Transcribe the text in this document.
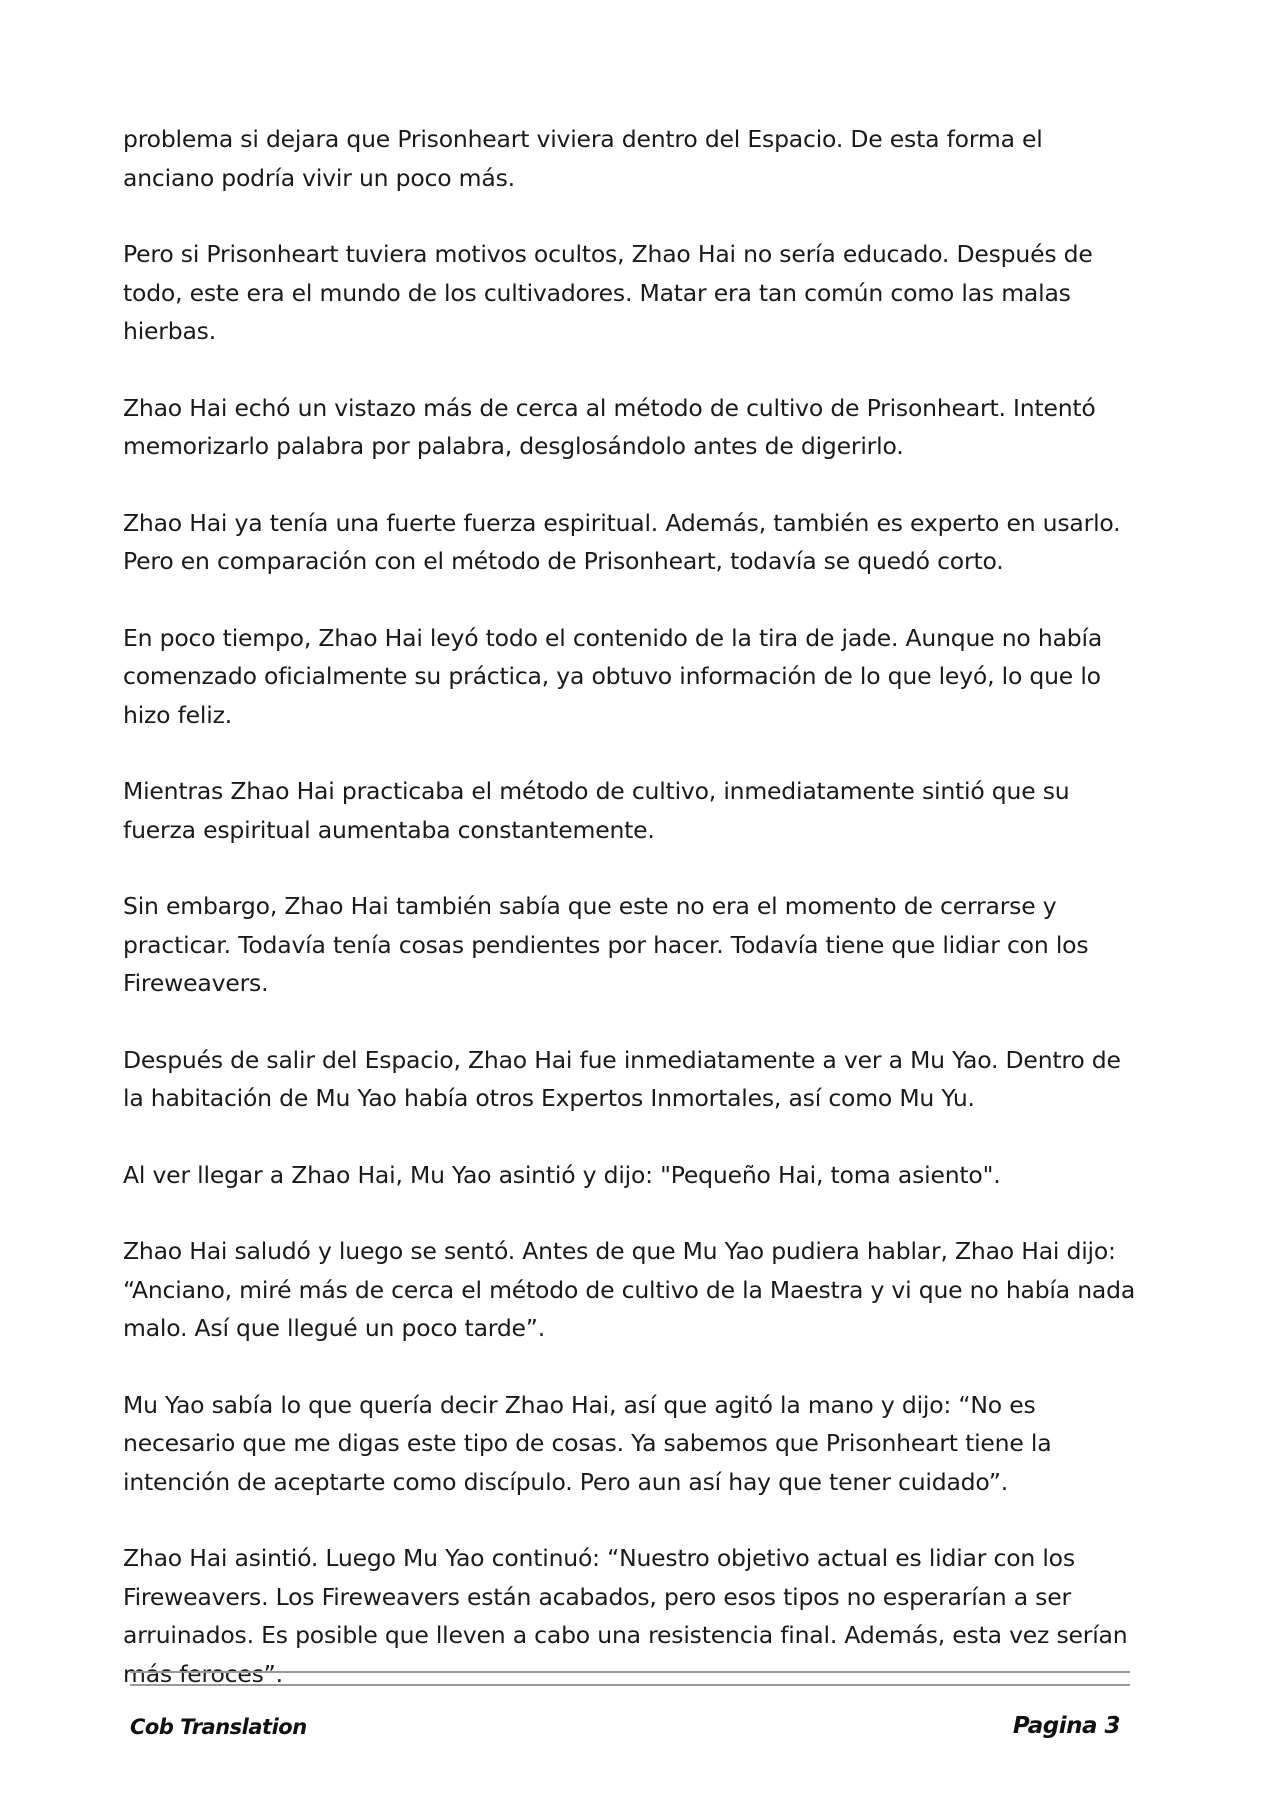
problema si dejara que Prisonheart viviera dentro del Espacio. De esta forma el anciano podría vivir un poco más.

Pero si Prisonheart tuviera motivos ocultos, Zhao Hai no sería educado. Después de todo, este era el mundo de los cultivadores. Matar era tan común como las malas hierbas.

Zhao Hai echó un vistazo más de cerca al método de cultivo de Prisonheart. Intentó memorizarlo palabra por palabra, desglosándolo antes de digerirlo.

Zhao Hai ya tenía una fuerte fuerza espiritual. Además, también es experto en usarlo. Pero en comparación con el método de Prisonheart, todavía se quedó corto.

En poco tiempo, Zhao Hai leyó todo el contenido de la tira de jade. Aunque no había comenzado oficialmente su práctica, ya obtuvo información de lo que leyó, lo que lo hizo feliz.

Mientras Zhao Hai practicaba el método de cultivo, inmediatamente sintió que su fuerza espiritual aumentaba constantemente.

Sin embargo, Zhao Hai también sabía que este no era el momento de cerrarse y practicar. Todavía tenía cosas pendientes por hacer. Todavía tiene que lidiar con los Fireweavers.

Después de salir del Espacio, Zhao Hai fue inmediatamente a ver a Mu Yao. Dentro de la habitación de Mu Yao había otros Expertos Inmortales, así como Mu Yu.

Al ver llegar a Zhao Hai, Mu Yao asintió y dijo: "Pequeño Hai, toma asiento".

Zhao Hai saludó y luego se sentó. Antes de que Mu Yao pudiera hablar, Zhao Hai dijo: “Anciano, miré más de cerca el método de cultivo de la Maestra y vi que no había nada malo. Así que llegué un poco tarde”.

Mu Yao sabía lo que quería decir Zhao Hai, así que agitó la mano y dijo: “No es necesario que me digas este tipo de cosas. Ya sabemos que Prisonheart tiene la intención de aceptarte como discípulo. Pero aun así hay que tener cuidado”.

Zhao Hai asintió. Luego Mu Yao continuó: “Nuestro objetivo actual es lidiar con los Fireweavers. Los Fireweavers están acabados, pero esos tipos no esperarían a ser arruinados. Es posible que lleven a cabo una resistencia final. Además, esta vez serían más feroces”.

Cob Translation	Pagina 3
